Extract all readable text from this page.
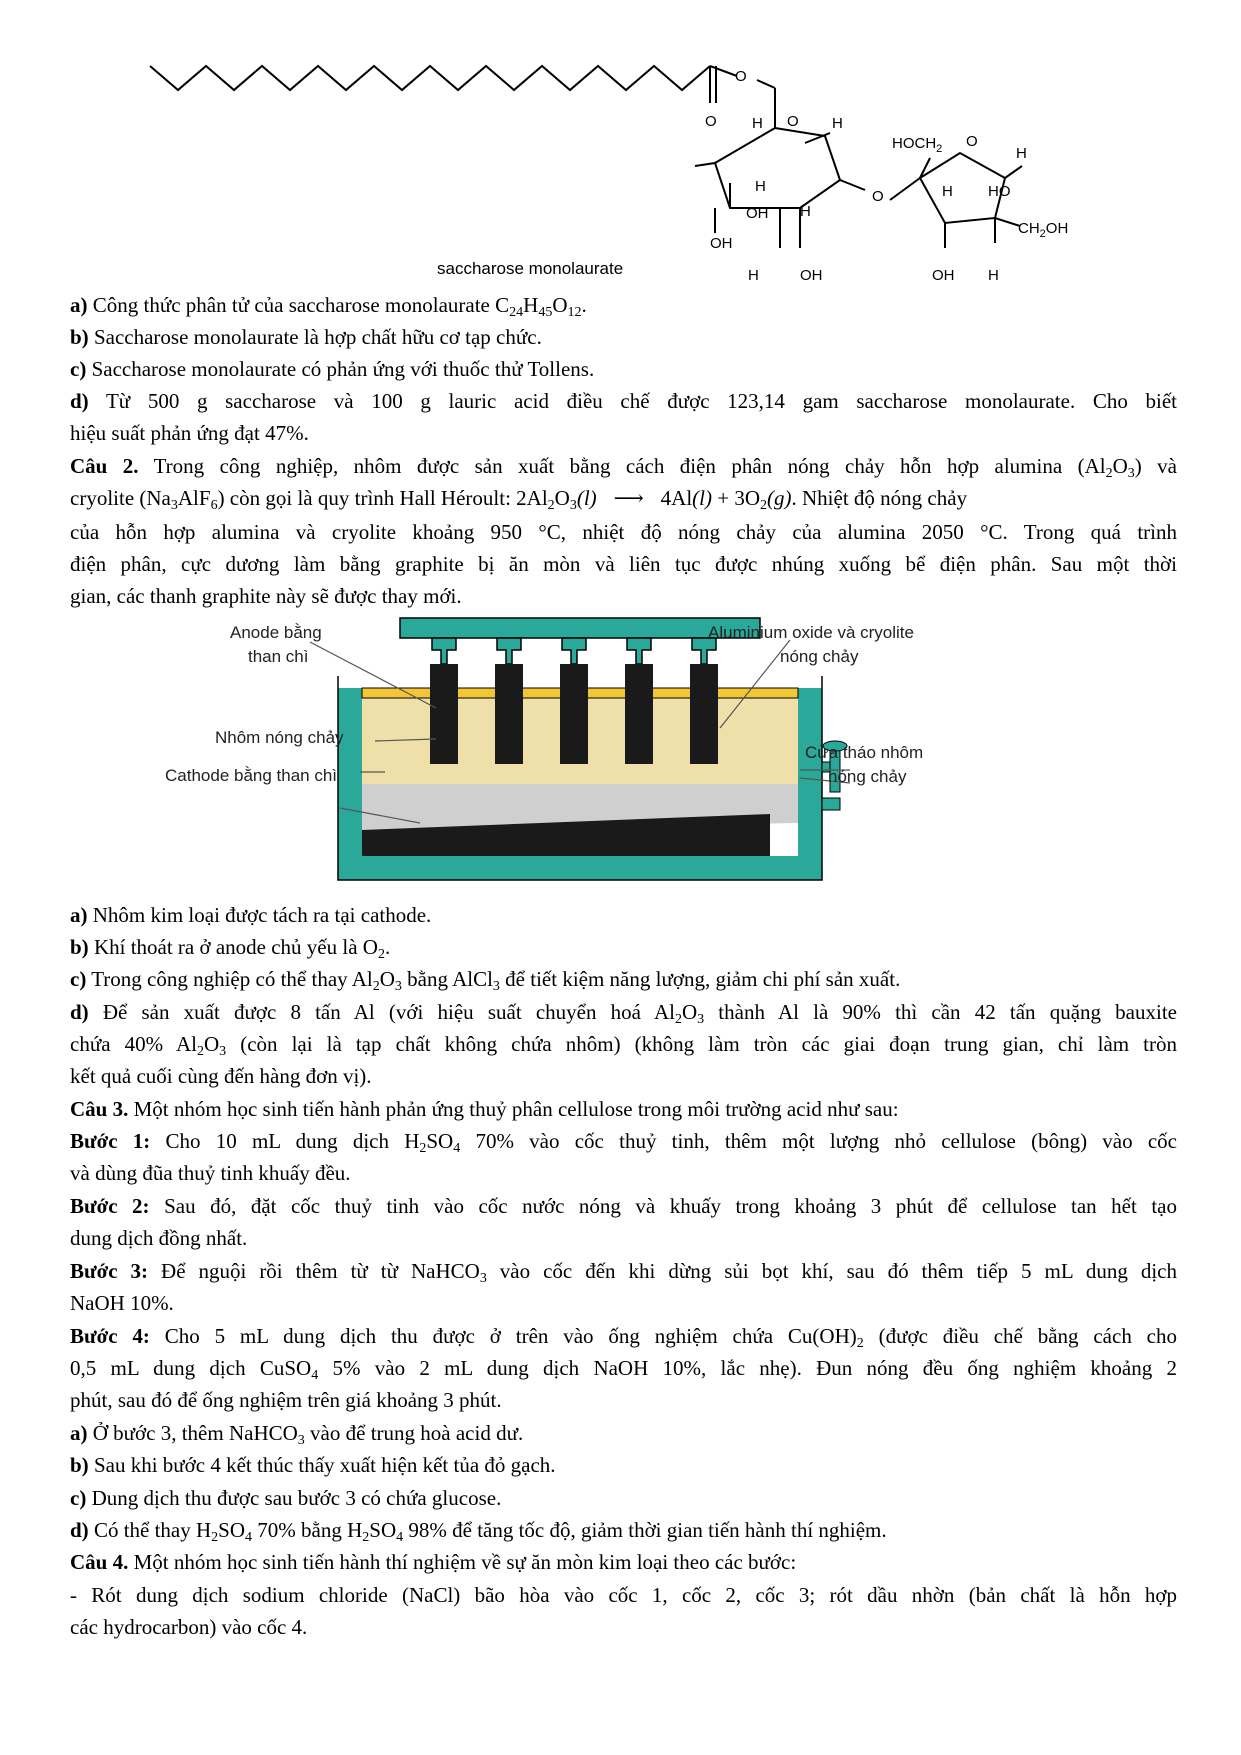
O
O H O H
H
OH H
OH
H	OH
O
$HOCH_2$ O
H
H HO
$CH_2OH$
OH H
saccharose monolaurate
a) Công thức phân tử của saccharose monolaurate $C_{24}H_{45}O_{12}$.
b) Saccharose monolaurate là hợp chất hữu cơ tạp chức.
c) Saccharose monolaurate có phản ứng với thuốc thử Tollens.
d) Từ 500 g saccharose và 100 g lauric acid điều chế được 123,14 gam saccharose monolaurate. Cho biết
hiệu suất phản ứng đạt 47%.
Câu 2. Trong công nghiệp, nhôm được sản xuất bằng cách điện phân nóng chảy hỗn hợp alumina $(Al_2O_3)$ và
cryolite $(Na_3AlF_6)$ còn gọi là quy trình Hall Héroult: $2Al_2O_3(l)$ ⟶ $4Al(l) + 3O_2(g)$. Nhiệt độ nóng chảy
của hỗn hợp alumina và cryolite khoảng 950 °C, nhiệt độ nóng chảy của alumina 2050 °C. Trong quá trình
điện phân, cực dương làm bằng graphite bị ăn mòn và liên tục được nhúng xuống bể điện phân. Sau một thời
gian, các thanh graphite này sẽ được thay mới.
Anode bằng
than chì
Aluminium oxide và cryolite
nóng chảy
Nhôm nóng chảy
Cathode bằng than chì
Cửa tháo nhôm
nóng chảy
a) Nhôm kim loại được tách ra tại cathode.
b) Khí thoát ra ở anode chủ yếu là $O_2$.
c) Trong công nghiệp có thể thay $Al_2O_3$ bằng AlCl$_3$ để tiết kiệm năng lượng, giảm chi phí sản xuất.
d) Để sản xuất được 8 tấn Al (với hiệu suất chuyển hoá $Al_2O_3$ thành Al là 90% thì cần 42 tấn quặng bauxite
chứa 40% $Al_2O_3$ (còn lại là tạp chất không chứa nhôm) (không làm tròn các giai đoạn trung gian, chỉ làm tròn
kết quả cuối cùng đến hàng đơn vị).
Câu 3. Một nhóm học sinh tiến hành phản ứng thuỷ phân cellulose trong môi trường acid như sau:
Bước 1: Cho 10 mL dung dịch $H_2SO_4$ 70% vào cốc thuỷ tinh, thêm một lượng nhỏ cellulose (bông) vào cốc
và dùng đũa thuỷ tinh khuấy đều.
Bước 2: Sau đó, đặt cốc thuỷ tinh vào cốc nước nóng và khuấy trong khoảng 3 phút để cellulose tan hết tạo
dung dịch đồng nhất.
Bước 3: Để nguội rồi thêm từ từ NaHCO$_3$ vào cốc đến khi dừng sủi bọt khí, sau đó thêm tiếp 5 mL dung dịch
NaOH 10%.
Bước 4: Cho 5 mL dung dịch thu được ở trên vào ống nghiệm chứa $Cu(OH)_2$ (được điều chế bằng cách cho
0,5 mL dung dịch CuSO$_4$ 5% vào 2 mL dung dịch NaOH 10%, lắc nhẹ). Đun nóng đều ống nghiệm khoảng 2
phút, sau đó để ống nghiệm trên giá khoảng 3 phút.
a) Ở bước 3, thêm NaHCO$_3$ vào để trung hoà acid dư.
b) Sau khi bước 4 kết thúc thấy xuất hiện kết tủa đỏ gạch.
c) Dung dịch thu được sau bước 3 có chứa glucose.
d) Có thể thay $H_2SO_4$ 70% bằng $H_2SO_4$ 98% để tăng tốc độ, giảm thời gian tiến hành thí nghiệm.
Câu 4. Một nhóm học sinh tiến hành thí nghiệm về sự ăn mòn kim loại theo các bước:
- Rót dung dịch sodium chloride (NaCl) bão hòa vào cốc 1, cốc 2, cốc 3; rót dầu nhờn (bản chất là hỗn hợp
các hydrocarbon) vào cốc 4.
